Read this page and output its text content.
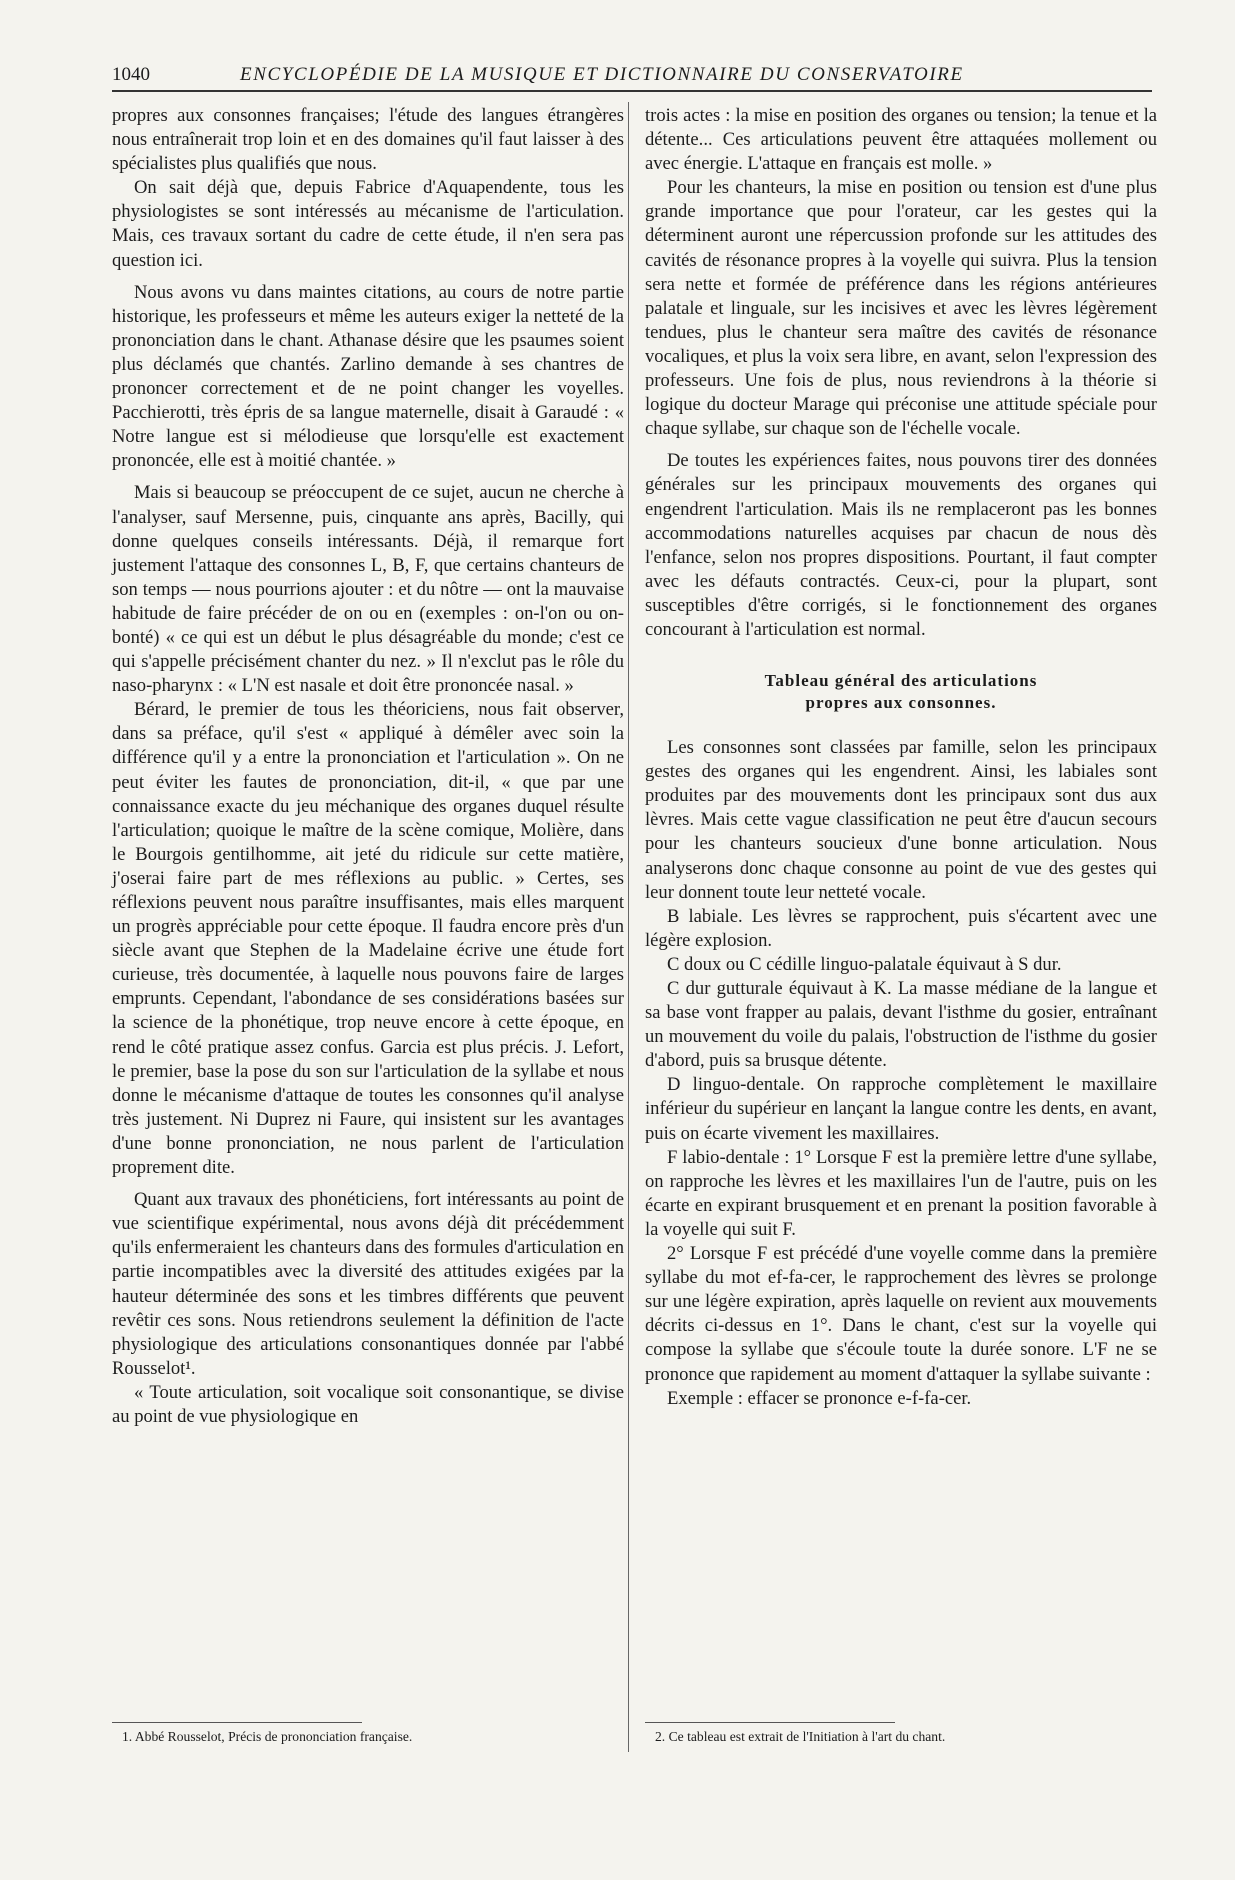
1040	ENCYCLOPÉDIE DE LA MUSIQUE ET DICTIONNAIRE DU CONSERVATOIRE

propres aux consonnes françaises; l'étude des langues étrangères nous entraînerait trop loin et en des domaines qu'il faut laisser à des spécialistes plus qualifiés que nous.

On sait déjà que, depuis Fabrice d'Aquapendente, tous les physiologistes se sont intéressés au mécanisme de l'articulation. Mais, ces travaux sortant du cadre de cette étude, il n'en sera pas question ici.

Nous avons vu dans maintes citations, au cours de notre partie historique, les professeurs et même les auteurs exiger la netteté de la prononciation dans le chant. Athanase désire que les psaumes soient plus déclamés que chantés. Zarlino demande à ses chantres de prononcer correctement et de ne point changer les voyelles. Pacchierotti, très épris de sa langue maternelle, disait à Garaudé : « Notre langue est si mélodieuse que lorsqu'elle est exactement prononcée, elle est à moitié chantée. »

Mais si beaucoup se préoccupent de ce sujet, aucun ne cherche à l'analyser, sauf Mersenne, puis, cinquante ans après, Bacilly, qui donne quelques conseils intéressants. Déjà, il remarque fort justement l'attaque des consonnes L, B, F, que certains chanteurs de son temps — nous pourrions ajouter : et du nôtre — ont la mauvaise habitude de faire précéder de on ou en (exemples : on-l'on ou on-bonté) « ce qui est un début le plus désagréable du monde; c'est ce qui s'appelle précisément chanter du nez. » Il n'exclut pas le rôle du naso-pharynx : « L'N est nasale et doit être prononcée nasal. »

Bérard, le premier de tous les théoriciens, nous fait observer, dans sa préface, qu'il s'est « appliqué à démêler avec soin la différence qu'il y a entre la prononciation et l'articulation ». On ne peut éviter les fautes de prononciation, dit-il, « que par une connaissance exacte du jeu méchanique des organes duquel résulte l'articulation; quoique le maître de la scène comique, Molière, dans le Bourgois gentilhomme, ait jeté du ridicule sur cette matière, j'oserai faire part de mes réflexions au public. » Certes, ses réflexions peuvent nous paraître insuffisantes, mais elles marquent un progrès appréciable pour cette époque. Il faudra encore près d'un siècle avant que Stephen de la Madelaine écrive une étude fort curieuse, très documentée, à laquelle nous pouvons faire de larges emprunts. Cependant, l'abondance de ses considérations basées sur la science de la phonétique, trop neuve encore à cette époque, en rend le côté pratique assez confus. Garcia est plus précis. J. Lefort, le premier, base la pose du son sur l'articulation de la syllabe et nous donne le mécanisme d'attaque de toutes les consonnes qu'il analyse très justement. Ni Duprez ni Faure, qui insistent sur les avantages d'une bonne prononciation, ne nous parlent de l'articulation proprement dite.

Quant aux travaux des phonéticiens, fort intéressants au point de vue scientifique expérimental, nous avons déjà dit précédemment qu'ils enfermeraient les chanteurs dans des formules d'articulation en partie incompatibles avec la diversité des attitudes exigées par la hauteur déterminée des sons et les timbres différents que peuvent revêtir ces sons. Nous retiendrons seulement la définition de l'acte physiologique des articulations consonantiques donnée par l'abbé Rousselot¹.

« Toute articulation, soit vocalique soit consonantique, se divise au point de vue physiologique en

trois actes : la mise en position des organes ou tension; la tenue et la détente... Ces articulations peuvent être attaquées mollement ou avec énergie. L'attaque en français est molle. »

Pour les chanteurs, la mise en position ou tension est d'une plus grande importance que pour l'orateur, car les gestes qui la déterminent auront une répercussion profonde sur les attitudes des cavités de résonance propres à la voyelle qui suivra. Plus la tension sera nette et formée de préférence dans les régions antérieures palatale et linguale, sur les incisives et avec les lèvres légèrement tendues, plus le chanteur sera maître des cavités de résonance vocaliques, et plus la voix sera libre, en avant, selon l'expression des professeurs. Une fois de plus, nous reviendrons à la théorie si logique du docteur Marage qui préconise une attitude spéciale pour chaque syllabe, sur chaque son de l'échelle vocale.

De toutes les expériences faites, nous pouvons tirer des données générales sur les principaux mouvements des organes qui engendrent l'articulation. Mais ils ne remplaceront pas les bonnes accommodations naturelles acquises par chacun de nous dès l'enfance, selon nos propres dispositions. Pourtant, il faut compter avec les défauts contractés. Ceux-ci, pour la plupart, sont susceptibles d'être corrigés, si le fonctionnement des organes concourant à l'articulation est normal.

Tableau général des articulations
propres aux consonnes.

Les consonnes sont classées par famille, selon les principaux gestes des organes qui les engendrent. Ainsi, les labiales sont produites par des mouvements dont les principaux sont dus aux lèvres. Mais cette vague classification ne peut être d'aucun secours pour les chanteurs soucieux d'une bonne articulation. Nous analyserons donc chaque consonne au point de vue des gestes qui leur donnent toute leur netteté vocale.

B labiale. Les lèvres se rapprochent, puis s'écartent avec une légère explosion.

C doux ou C cédille linguo-palatale équivaut à S dur.

C dur gutturale équivaut à K. La masse médiane de la langue et sa base vont frapper au palais, devant l'isthme du gosier, entraînant un mouvement du voile du palais, l'obstruction de l'isthme du gosier d'abord, puis sa brusque détente.

D linguo-dentale. On rapproche complètement le maxillaire inférieur du supérieur en lançant la langue contre les dents, en avant, puis on écarte vivement les maxillaires.

F labio-dentale : 1° Lorsque F est la première lettre d'une syllabe, on rapproche les lèvres et les maxillaires l'un de l'autre, puis on les écarte en expirant brusquement et en prenant la position favorable à la voyelle qui suit F.

2° Lorsque F est précédé d'une voyelle comme dans la première syllabe du mot ef-fa-cer, le rapprochement des lèvres se prolonge sur une légère expiration, après laquelle on revient aux mouvements décrits ci-dessus en 1°. Dans le chant, c'est sur la voyelle qui compose la syllabe que s'écoule toute la durée sonore. L'F ne se prononce que rapidement au moment d'attaquer la syllabe suivante :

Exemple : effacer se prononce e-f-fa-cer.

1. Abbé Rousselot, Précis de prononciation française.	2. Ce tableau est extrait de l'Initiation à l'art du chant.
